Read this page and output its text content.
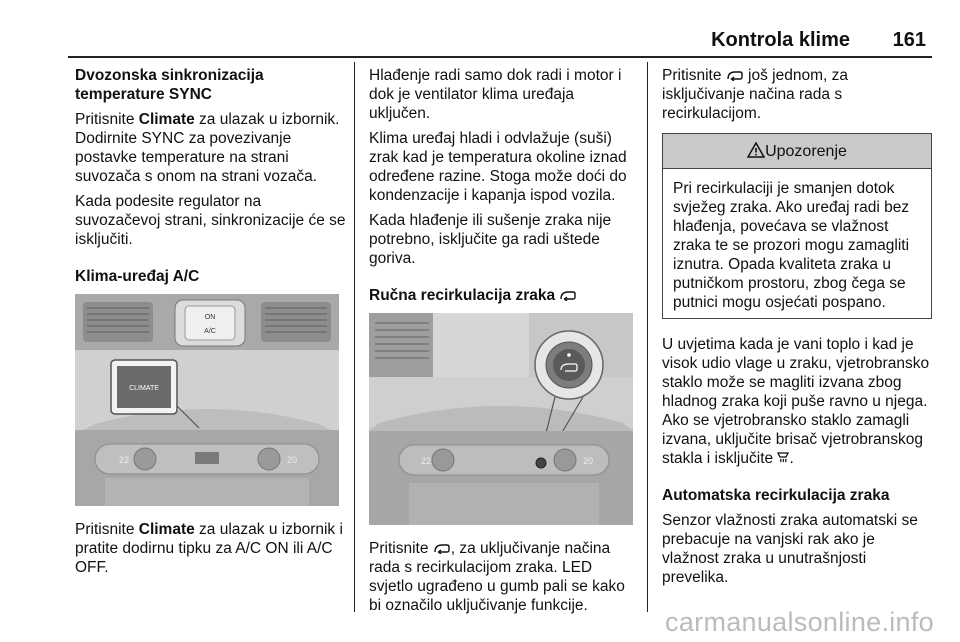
Kontrola klime 161
Dvozonska sinkronizacija temperature SYNC

Pritisnite Climate za ulazak u izbornik. Dodirnite SYNC za povezivanje postavke temperature na strani suvozača s onom na strani vozača.

Kada podesite regulator na suvozačevoj strani, sinkronizacije će se isključiti.

Klima-uređaj A/C
ON
A/C
CLIMATE
22	20

Pritisnite Climate za ulazak u izbornik i pratite dodirnu tipku za A/C ON ili A/C OFF.

Hlađenje radi samo dok radi i motor i dok je ventilator klima uređaja uključen.

Klima uređaj hladi i odvlažuje (suši) zrak kad je temperatura okoline iznad određene razine. Stoga može doći do kondenzacije i kapanja ispod vozila.

Kada hlađenje ili sušenje zraka nije potrebno, isključite ga radi uštede goriva.

Ručna recirkulacija zraka
22	20

Pritisnite , za uključivanje načina rada s recirkulacijom zraka. LED svjetlo ugrađeno u gumb pali se kako bi označilo uključivanje funkcije.

Pritisnite  još jednom, za isključivanje načina rada s recirkulacijom.

Upozorenje
Pri recirkulaciji je smanjen dotok svježeg zraka. Ako uređaj radi bez hlađenja, povećava se vlažnost zraka te se prozori mogu zamagliti iznutra. Opada kvaliteta zraka u putničkom prostoru, zbog čega se putnici mogu osjećati pospano.

U uvjetima kada je vani toplo i kad je visok udio vlage u zraku, vjetrobransko staklo može se magliti izvana zbog hladnog zraka koji puše ravno u njega. Ako se vjetrobransko staklo zamagli izvana, uključite brisač vjetrobranskog stakla i isključite .

Automatska recirkulacija zraka

Senzor vlažnosti zraka automatski se prebacuje na vanjski rak ako je vlažnost zraka u unutrašnjosti prevelika.

carmanualsonline.info
